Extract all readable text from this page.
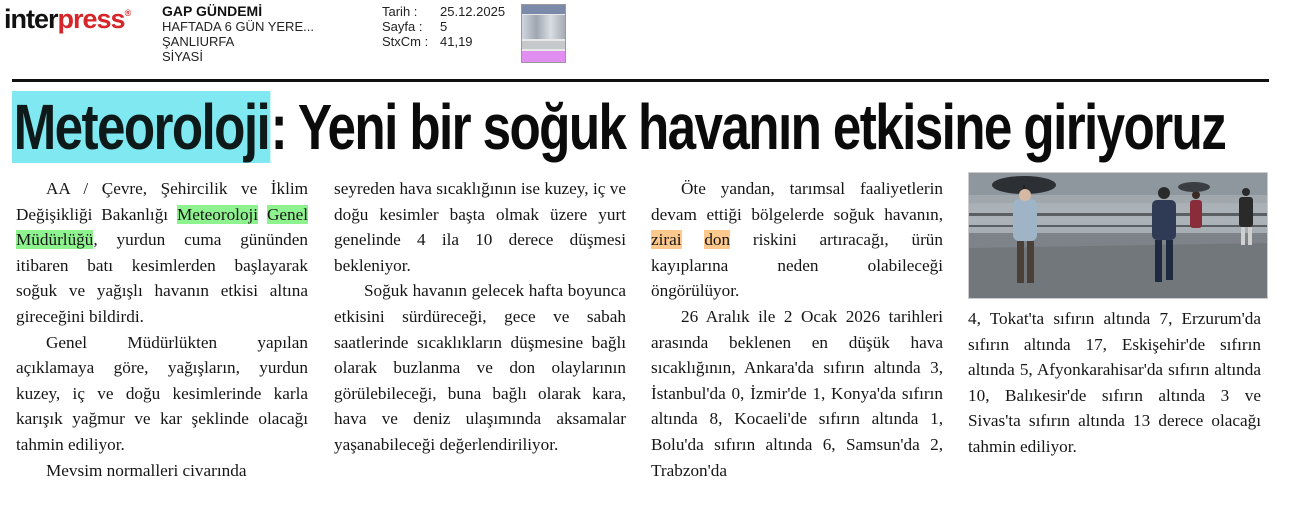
interpress® GAP GÜNDEMİ
HAFTADA 6 GÜN YERE...
ŞANLIURFA
SİYASİ
Tarih :	25.12.2025
Sayfa :	5
StxCm : 41,19
Meteoroloji: Yeni bir soğuk havanın etkisine giriyoruz

AA / Çevre, Şehircilik ve İklim Değişikliği Bakanlığı Meteoroloji Genel Müdürlüğü, yurdun cuma gününden itibaren batı kesimlerden başlayarak soğuk ve yağışlı havanın etkisi altına gireceğini bildirdi.

Genel Müdürlükten yapılan açıklamaya göre, yağışların, yurdun kuzey, iç ve doğu kesimlerinde karla karışık yağmur ve kar şeklinde olacağı tahmin ediliyor.

Mevsim normalleri civarında

seyreden hava sıcaklığının ise kuzey, iç ve doğu kesimler başta olmak üzere yurt genelinde 4 ila 10 derece düşmesi bekleniyor.

Soğuk havanın gelecek hafta boyunca etkisini sürdüreceği, gece ve sabah saatlerinde sıcaklıkların düşmesine bağlı olarak buzlanma ve don olaylarının görülebileceği, buna bağlı olarak kara, hava ve deniz ulaşımında aksamalar yaşanabileceği değerlendiriliyor.

Öte yandan, tarımsal faaliyetlerin devam ettiği bölgelerde soğuk havanın, zirai don riskini artıracağı, ürün kayıplarına neden olabileceği öngörülüyor.

26 Aralık ile 2 Ocak 2026 tarihleri arasında beklenen en düşük hava sıcaklığının, Ankara'da sıfırın altında 3, İstanbul'da 0, İzmir'de 1, Konya'da sıfırın altında 8, Kocaeli'de sıfırın altında 1, Bolu'da sıfırın altında 6, Samsun'da 2, Trabzon'da

4, Tokat'ta sıfırın altında 7, Erzurum'da sıfırın altında 17, Eskişehir'de sıfırın altında 5, Afyonkarahisar'da sıfırın altında 10, Balıkesir'de sıfırın altında 3 ve Sivas'ta sıfırın altında 13 derece olacağı tahmin ediliyor.
